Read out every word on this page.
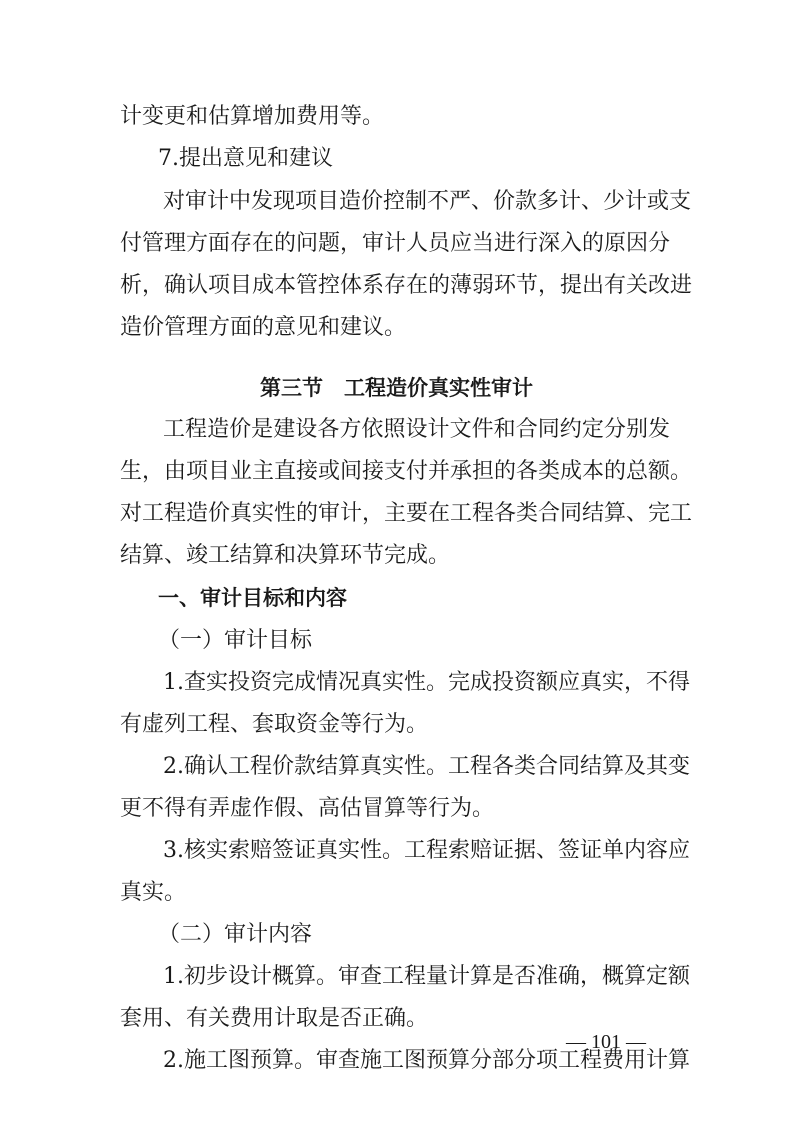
计变更和估算增加费用等。
7.提出意见和建议
对审计中发现项目造价控制不严、价款多计、少计或支
付管理方面存在的问题，审计人员应当进行深入的原因分
析，确认项目成本管控体系存在的薄弱环节，提出有关改进
造价管理方面的意见和建议。
第三节　工程造价真实性审计
工程造价是建设各方依照设计文件和合同约定分别发
生，由项目业主直接或间接支付并承担的各类成本的总额。
对工程造价真实性的审计，主要在工程各类合同结算、完工
结算、竣工结算和决算环节完成。
一、审计目标和内容
（一）审计目标
1.查实投资完成情况真实性。完成投资额应真实，不得
有虚列工程、套取资金等行为。
2.确认工程价款结算真实性。工程各类合同结算及其变
更不得有弄虚作假、高估冒算等行为。
3.核实索赔签证真实性。工程索赔证据、签证单内容应
真实。
（二）审计内容
1.初步设计概算。审查工程量计算是否准确，概算定额
套用、有关费用计取是否正确。
2.施工图预算。审查施工图预算分部分项工程费用计算
— 101 —
